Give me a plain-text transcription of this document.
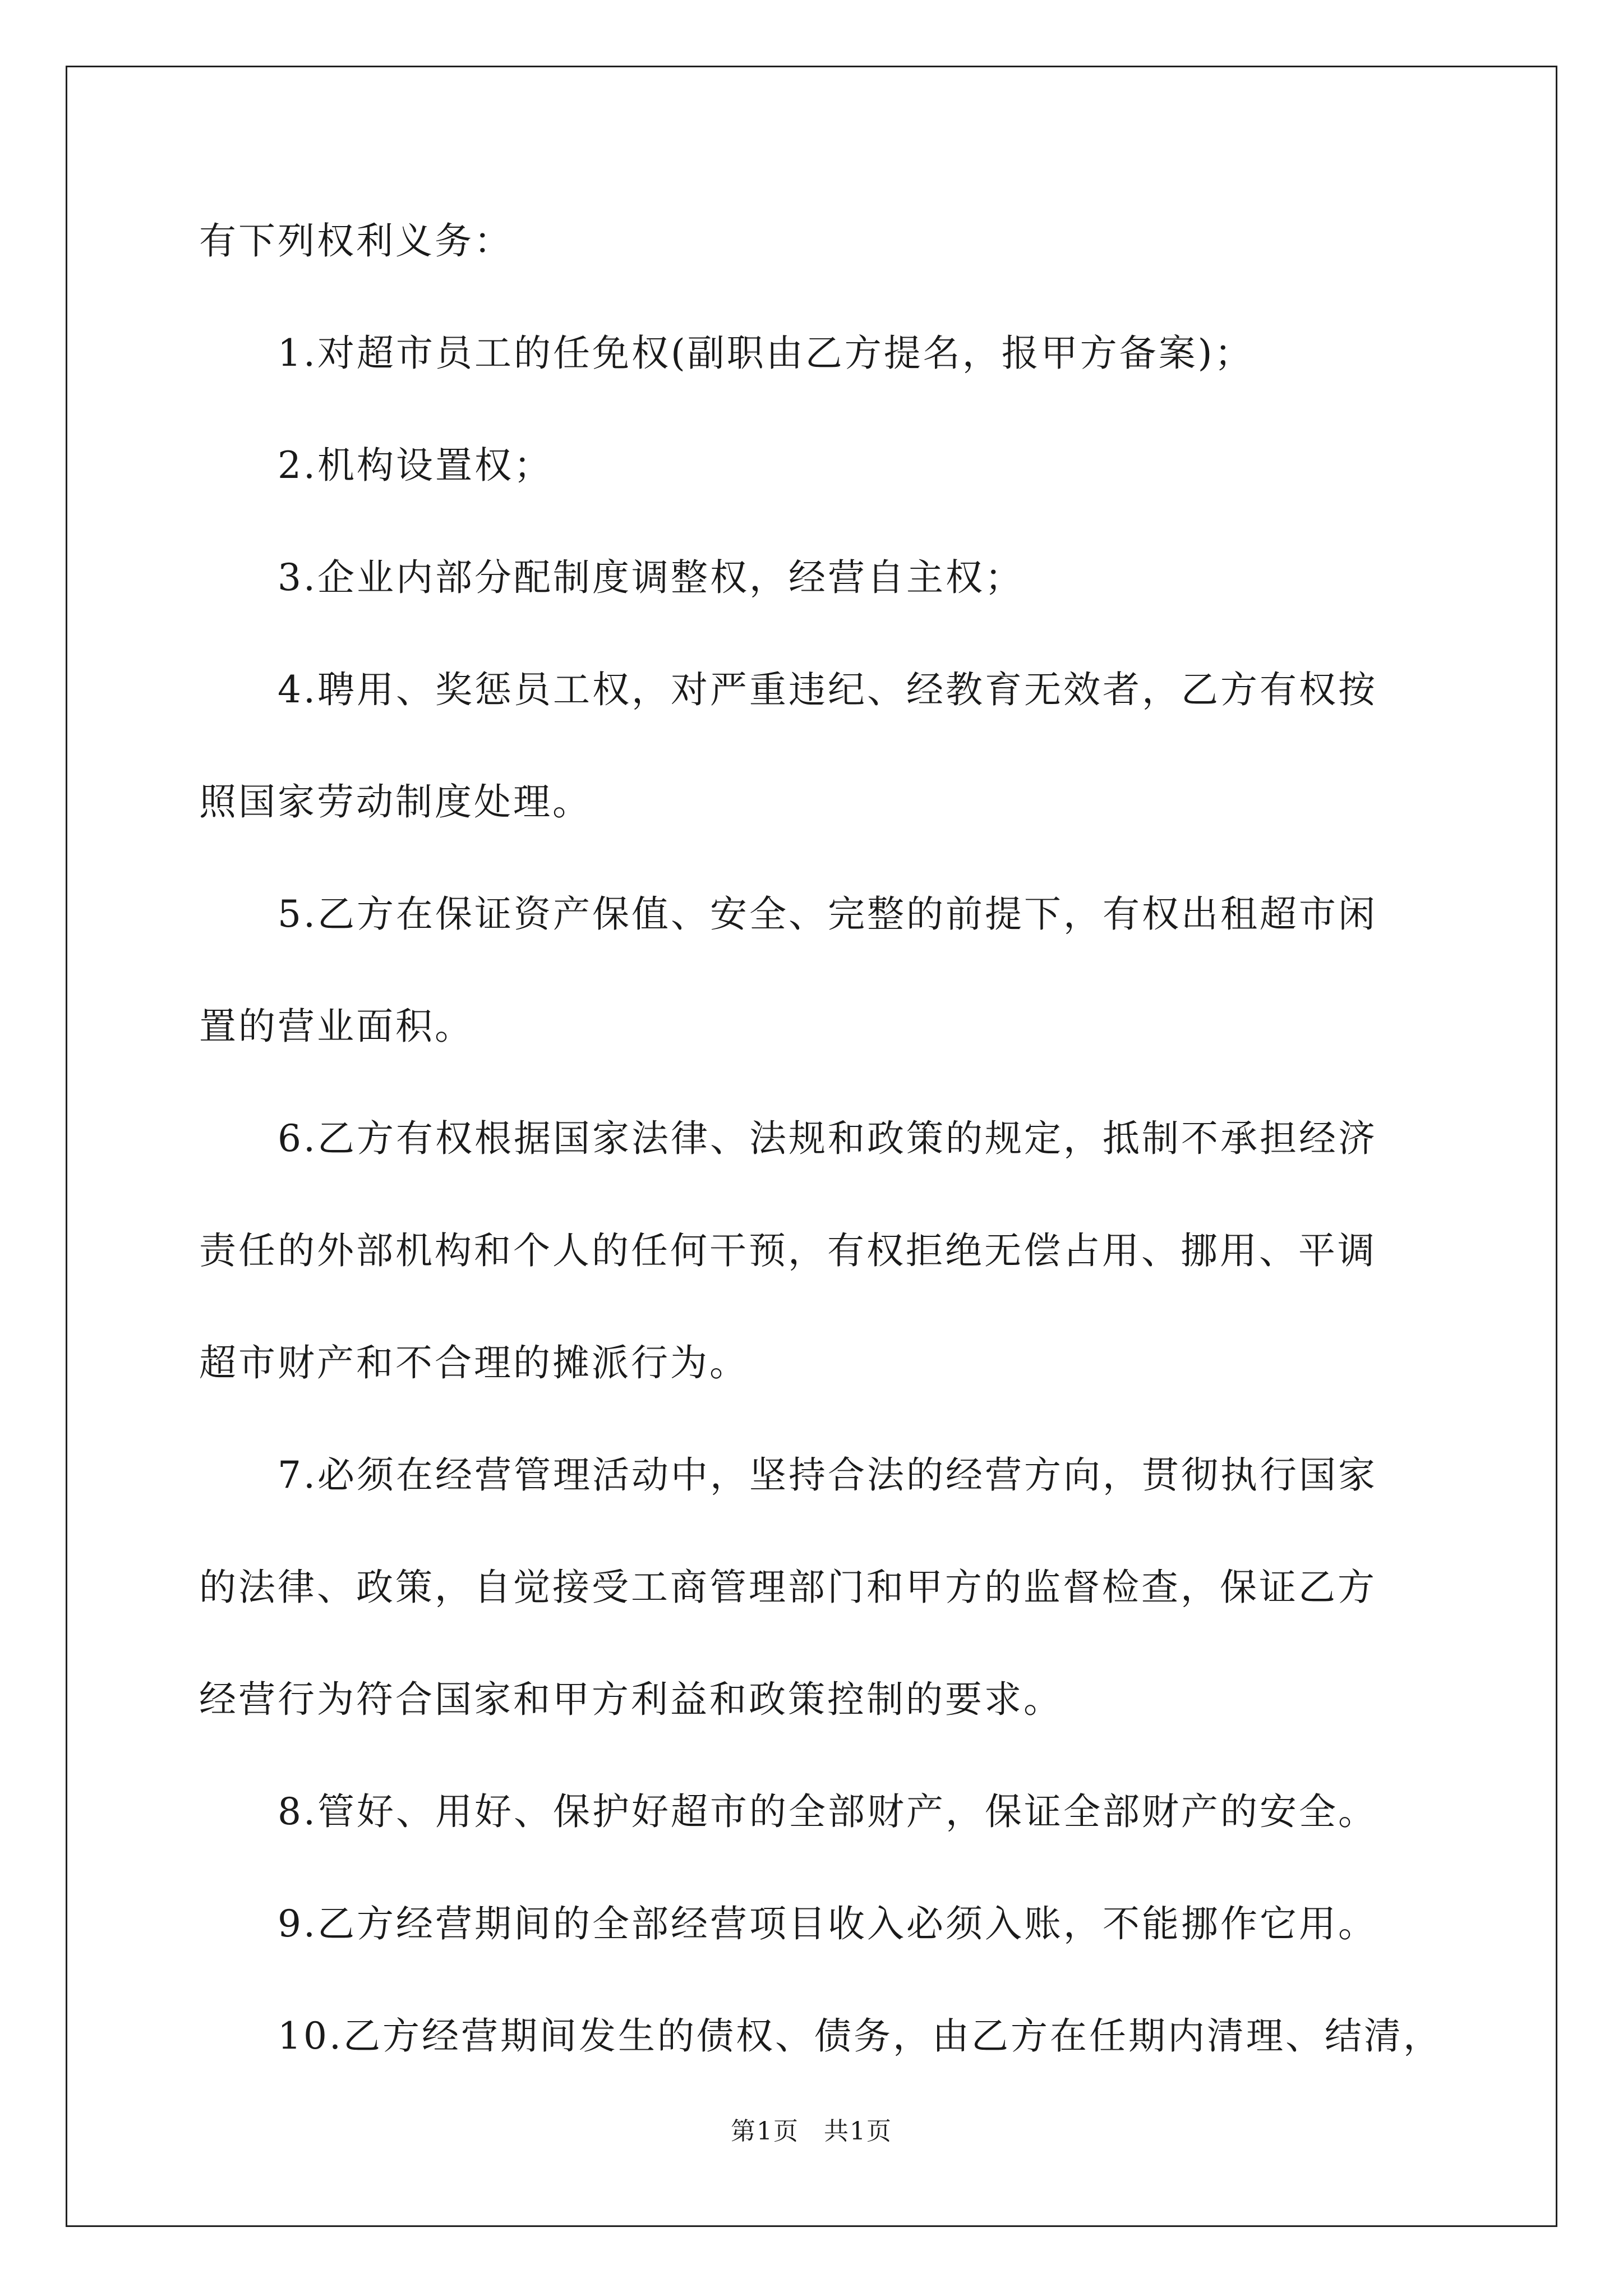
有下列权利义务：
1.对超市员工的任免权(副职由乙方提名，报甲方备案)；
2.机构设置权；
3.企业内部分配制度调整权，经营自主权；
4.聘用、奖惩员工权，对严重违纪、经教育无效者，乙方有权按
照国家劳动制度处理。
5.乙方在保证资产保值、安全、完整的前提下，有权出租超市闲
置的营业面积。
6.乙方有权根据国家法律、法规和政策的规定，抵制不承担经济
责任的外部机构和个人的任何干预，有权拒绝无偿占用、挪用、平调
超市财产和不合理的摊派行为。
7.必须在经营管理活动中，坚持合法的经营方向，贯彻执行国家
的法律、政策，自觉接受工商管理部门和甲方的监督检查，保证乙方
经营行为符合国家和甲方利益和政策控制的要求。
8.管好、用好、保护好超市的全部财产，保证全部财产的安全。
9.乙方经营期间的全部经营项目收入必须入账，不能挪作它用。
10.乙方经营期间发生的债权、债务，由乙方在任期内清理、结清，
第1页 共1页
